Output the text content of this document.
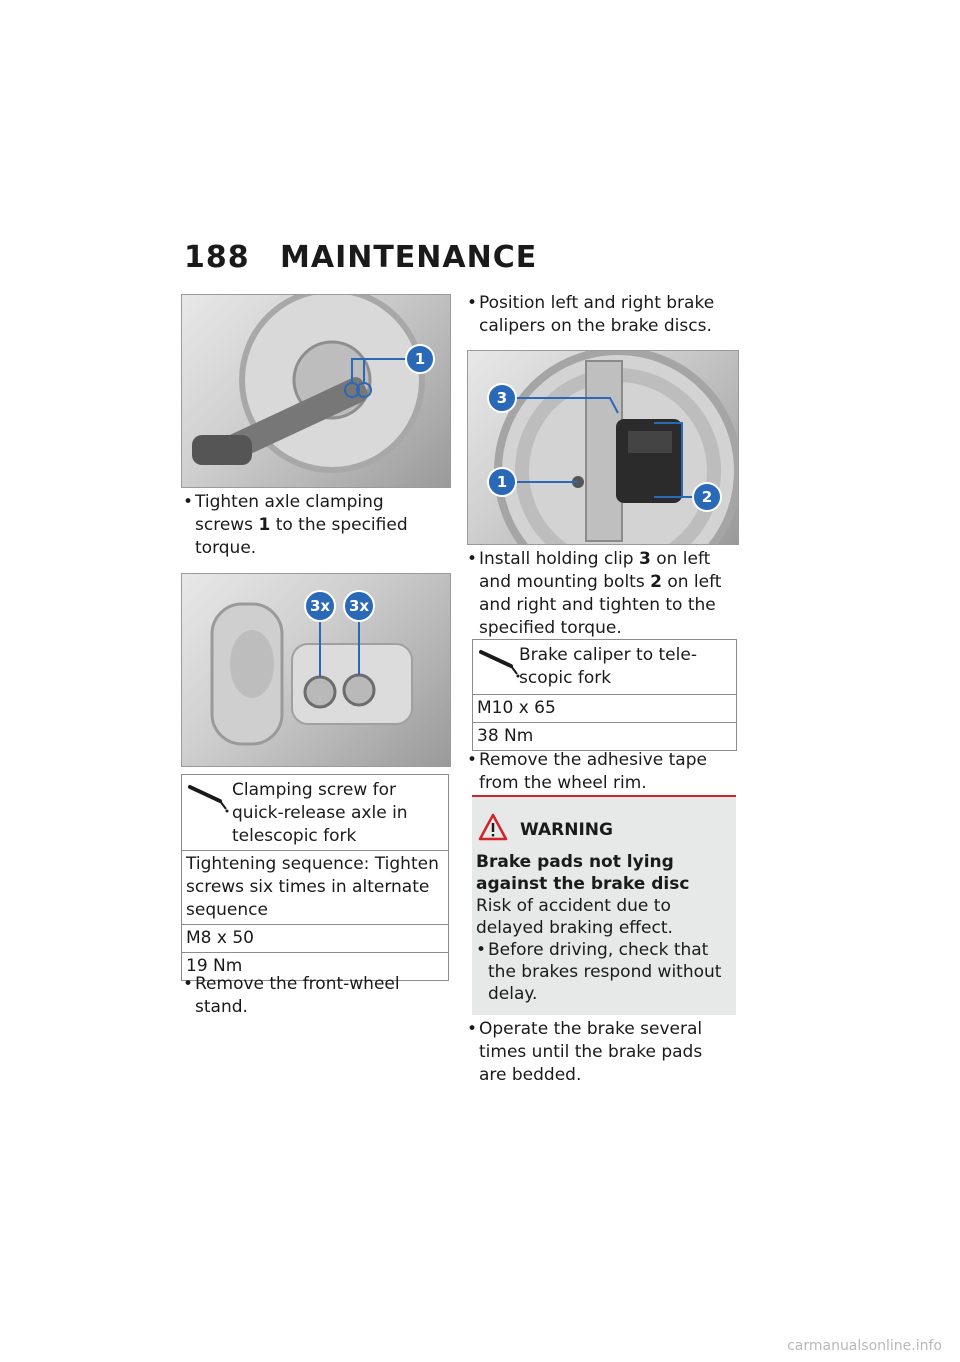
188 MAINTENANCE
1
• Tighten axle clamping screws 1 to the specified torque.
3x 3x
Clamping screw for quick-release axle in telescopic fork
Tightening sequence: Tighten screws six times in alternate sequence
M8 x 50
19 Nm
• Remove the front-wheel stand.
• Position left and right brake calipers on the brake discs.
3
1
2
• Install holding clip 3 on left and mounting bolts 2 on left and right and tighten to the specified torque.
Brake caliper to telescopic fork
M10 x 65
38 Nm
• Remove the adhesive tape from the wheel rim.
WARNING
Brake pads not lying against the brake disc
Risk of accident due to delayed braking effect.
• Before driving, check that the brakes respond without delay.
• Operate the brake several times until the brake pads are bedded.
carmanualsonline.info
